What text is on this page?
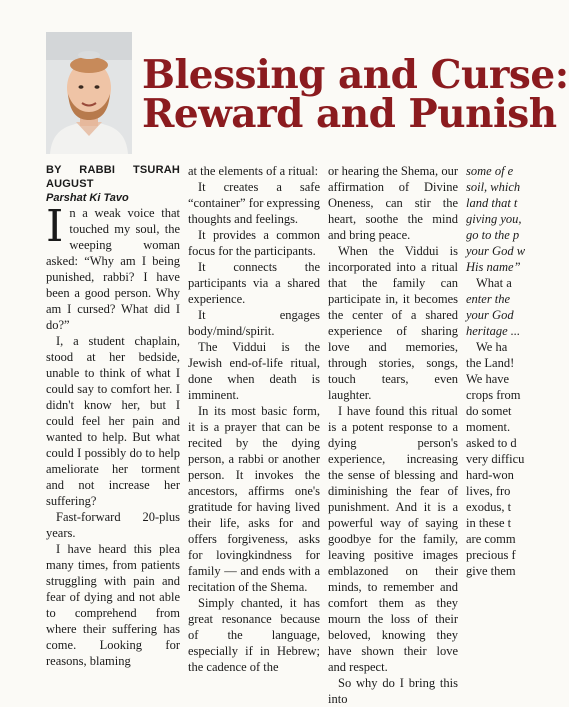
Blessing and Curse:
Reward and Punish

BY RABBI TSURAH AUGUST

Parshat Ki Tavo

In a weak voice that touched my soul, the weeping woman asked: “Why am I being punished, rabbi? I have been a good person. Why am I cursed? What did I do?”

I, a student chaplain, stood at her bedside, unable to think of what I could say to comfort her. I didn't know her, but I could feel her pain and wanted to help. But what could I possibly do to help ameliorate her torment and not increase her suffering?

Fast-forward 20-plus years.

I have heard this plea many times, from patients struggling with pain and fear of dying and not able to comprehend from where their suffering has come. Looking for reasons, blaming

at the elements of a ritual:

It creates a safe “container” for expressing thoughts and feelings.

It provides a common focus for the participants.

It connects the participants via a shared experience.

It engages body/mind/spirit.

The Viddui is the Jewish end-of-life ritual, done when death is imminent.

In its most basic form, it is a prayer that can be recited by the dying person, a rabbi or another person. It invokes the ancestors, affirms one's gratitude for having lived their life, asks for and offers forgiveness, asks for lovingkindness for family — and ends with a recitation of the Shema.

Simply chanted, it has great resonance because of the language, especially if in Hebrew; the cadence of the

or hearing the Shema, our affirmation of Divine Oneness, can stir the heart, soothe the mind and bring peace.

When the Viddui is incorporated into a ritual that the family can participate in, it becomes the center of a shared experience of sharing love and memories, through stories, songs, touch tears, even laughter.

I have found this ritual is a potent response to a dying person's experience, increasing the sense of blessing and diminishing the fear of punishment. And it is a powerful way of saying goodbye for the family, leaving positive images emblazoned on their minds, to remember and comfort them as they mourn the loss of their beloved, knowing they have shown their love and respect.

So why do I bring this into

some of e

soil, which

land that t

giving you,

go to the p

your God w

His name”

What a

enter the

your God

heritage ...

We ha

the Land!

We have

crops from

do somet

moment.

asked to d

very difficu

hard-won

lives, fro

exodus, t

in these t

are comm

precious f

give them
